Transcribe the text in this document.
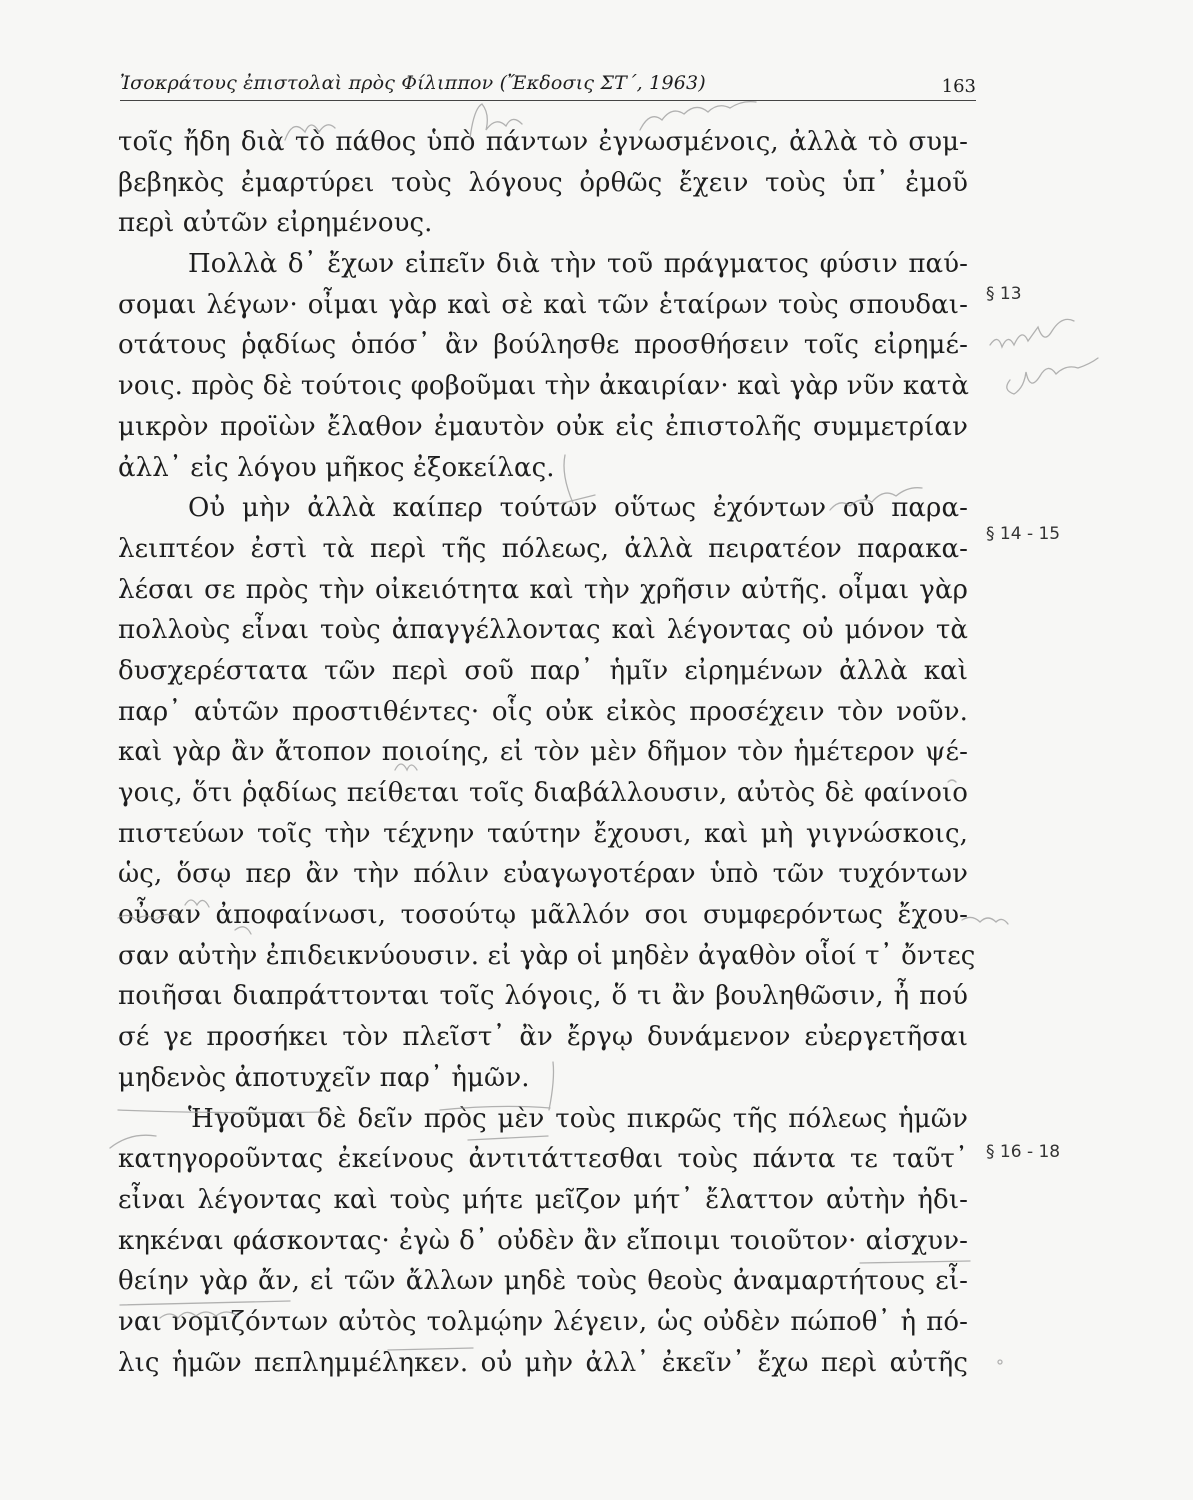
Ἰσοκράτους ἐπιστολαὶ πρὸς Φίλιππον (Ἔκδοσις ΣΤ΄, 1963)	163
τοῖς ἤδη διὰ τὸ πάθος ὑπὸ πάντων ἐγνωσμένοις, ἀλλὰ τὸ συμ-
βεβηκὸς ἐμαρτύρει τοὺς λόγους ὀρθῶς ἔχειν τοὺς ὑπ᾽ ἐμοῦ
περὶ αὐτῶν εἰρημένους.
Πολλὰ δ᾽ ἔχων εἰπεῖν διὰ τὴν τοῦ πράγματος φύσιν παύ-
σομαι λέγων· οἶμαι γὰρ καὶ σὲ καὶ τῶν ἑταίρων τοὺς σπουδαι-
οτάτους ῥᾳδίως ὁπόσ᾽ ἂν βούλησθε προσθήσειν τοῖς εἰρημέ-
νοις. πρὸς δὲ τούτοις φοβοῦμαι τὴν ἀκαιρίαν· καὶ γὰρ νῦν κατὰ
μικρὸν προϊὼν ἔλαθον ἐμαυτὸν οὐκ εἰς ἐπιστολῆς συμμετρίαν
ἀλλ᾽ εἰς λόγου μῆκος ἐξοκείλας.
Οὐ μὴν ἀλλὰ καίπερ τούτων οὕτως ἐχόντων οὐ παρα-
λειπτέον ἐστὶ τὰ περὶ τῆς πόλεως, ἀλλὰ πειρατέον παρακα-
λέσαι σε πρὸς τὴν οἰκειότητα καὶ τὴν χρῆσιν αὐτῆς. οἶμαι γὰρ
πολλοὺς εἶναι τοὺς ἀπαγγέλλοντας καὶ λέγοντας οὐ μόνον τὰ
δυσχερέστατα τῶν περὶ σοῦ παρ᾽ ἡμῖν εἰρημένων ἀλλὰ καὶ
παρ᾽ αὑτῶν προστιθέντες· οἷς οὐκ εἰκὸς προσέχειν τὸν νοῦν.
καὶ γὰρ ἂν ἄτοπον ποιοίης, εἰ τὸν μὲν δῆμον τὸν ἡμέτερον ψέ-
γοις, ὅτι ῥᾳδίως πείθεται τοῖς διαβάλλουσιν, αὐτὸς δὲ φαίνοιο
πιστεύων τοῖς τὴν τέχνην ταύτην ἔχουσι, καὶ μὴ γιγνώσκοις,
ὡς, ὅσῳ περ ἂν τὴν πόλιν εὐαγωγοτέραν ὑπὸ τῶν τυχόντων
οὖσαν ἀποφαίνωσι, τοσούτῳ μᾶλλόν σοι συμφερόντως ἔχου-
σαν αὐτὴν ἐπιδεικνύουσιν. εἰ γὰρ οἱ μηδὲν ἀγαθὸν οἷοί τ᾽ ὄντες
ποιῆσαι διαπράττονται τοῖς λόγοις, ὅ τι ἂν βουληθῶσιν, ἦ πού
σέ γε προσήκει τὸν πλεῖστ᾽ ἂν ἔργῳ δυνάμενον εὐεργετῆσαι
μηδενὸς ἀποτυχεῖν παρ᾽ ἡμῶν.
Ἡγοῦμαι δὲ δεῖν πρὸς μὲν τοὺς πικρῶς τῆς πόλεως ἡμῶν
κατηγοροῦντας ἐκείνους ἀντιτάττεσθαι τοὺς πάντα τε ταῦτ᾽
εἶναι λέγοντας καὶ τοὺς μήτε μεῖζον μήτ᾽ ἔλαττον αὐτὴν ἠδι-
κηκέναι φάσκοντας· ἐγὼ δ᾽ οὐδὲν ἂν εἴποιμι τοιοῦτον· αἰσχυν-
θείην γὰρ ἄν, εἰ τῶν ἄλλων μηδὲ τοὺς θεοὺς ἀναμαρτήτους εἶ-
ναι νομιζόντων αὐτὸς τολμῴην λέγειν, ὡς οὐδὲν πώποθ᾽ ἡ πό-
λις ἡμῶν πεπλημμέληκεν. οὐ μὴν ἀλλ᾽ ἐκεῖν᾽ ἔχω περὶ αὐτῆς
§ 13
§ 14 - 15
§ 16 - 18
